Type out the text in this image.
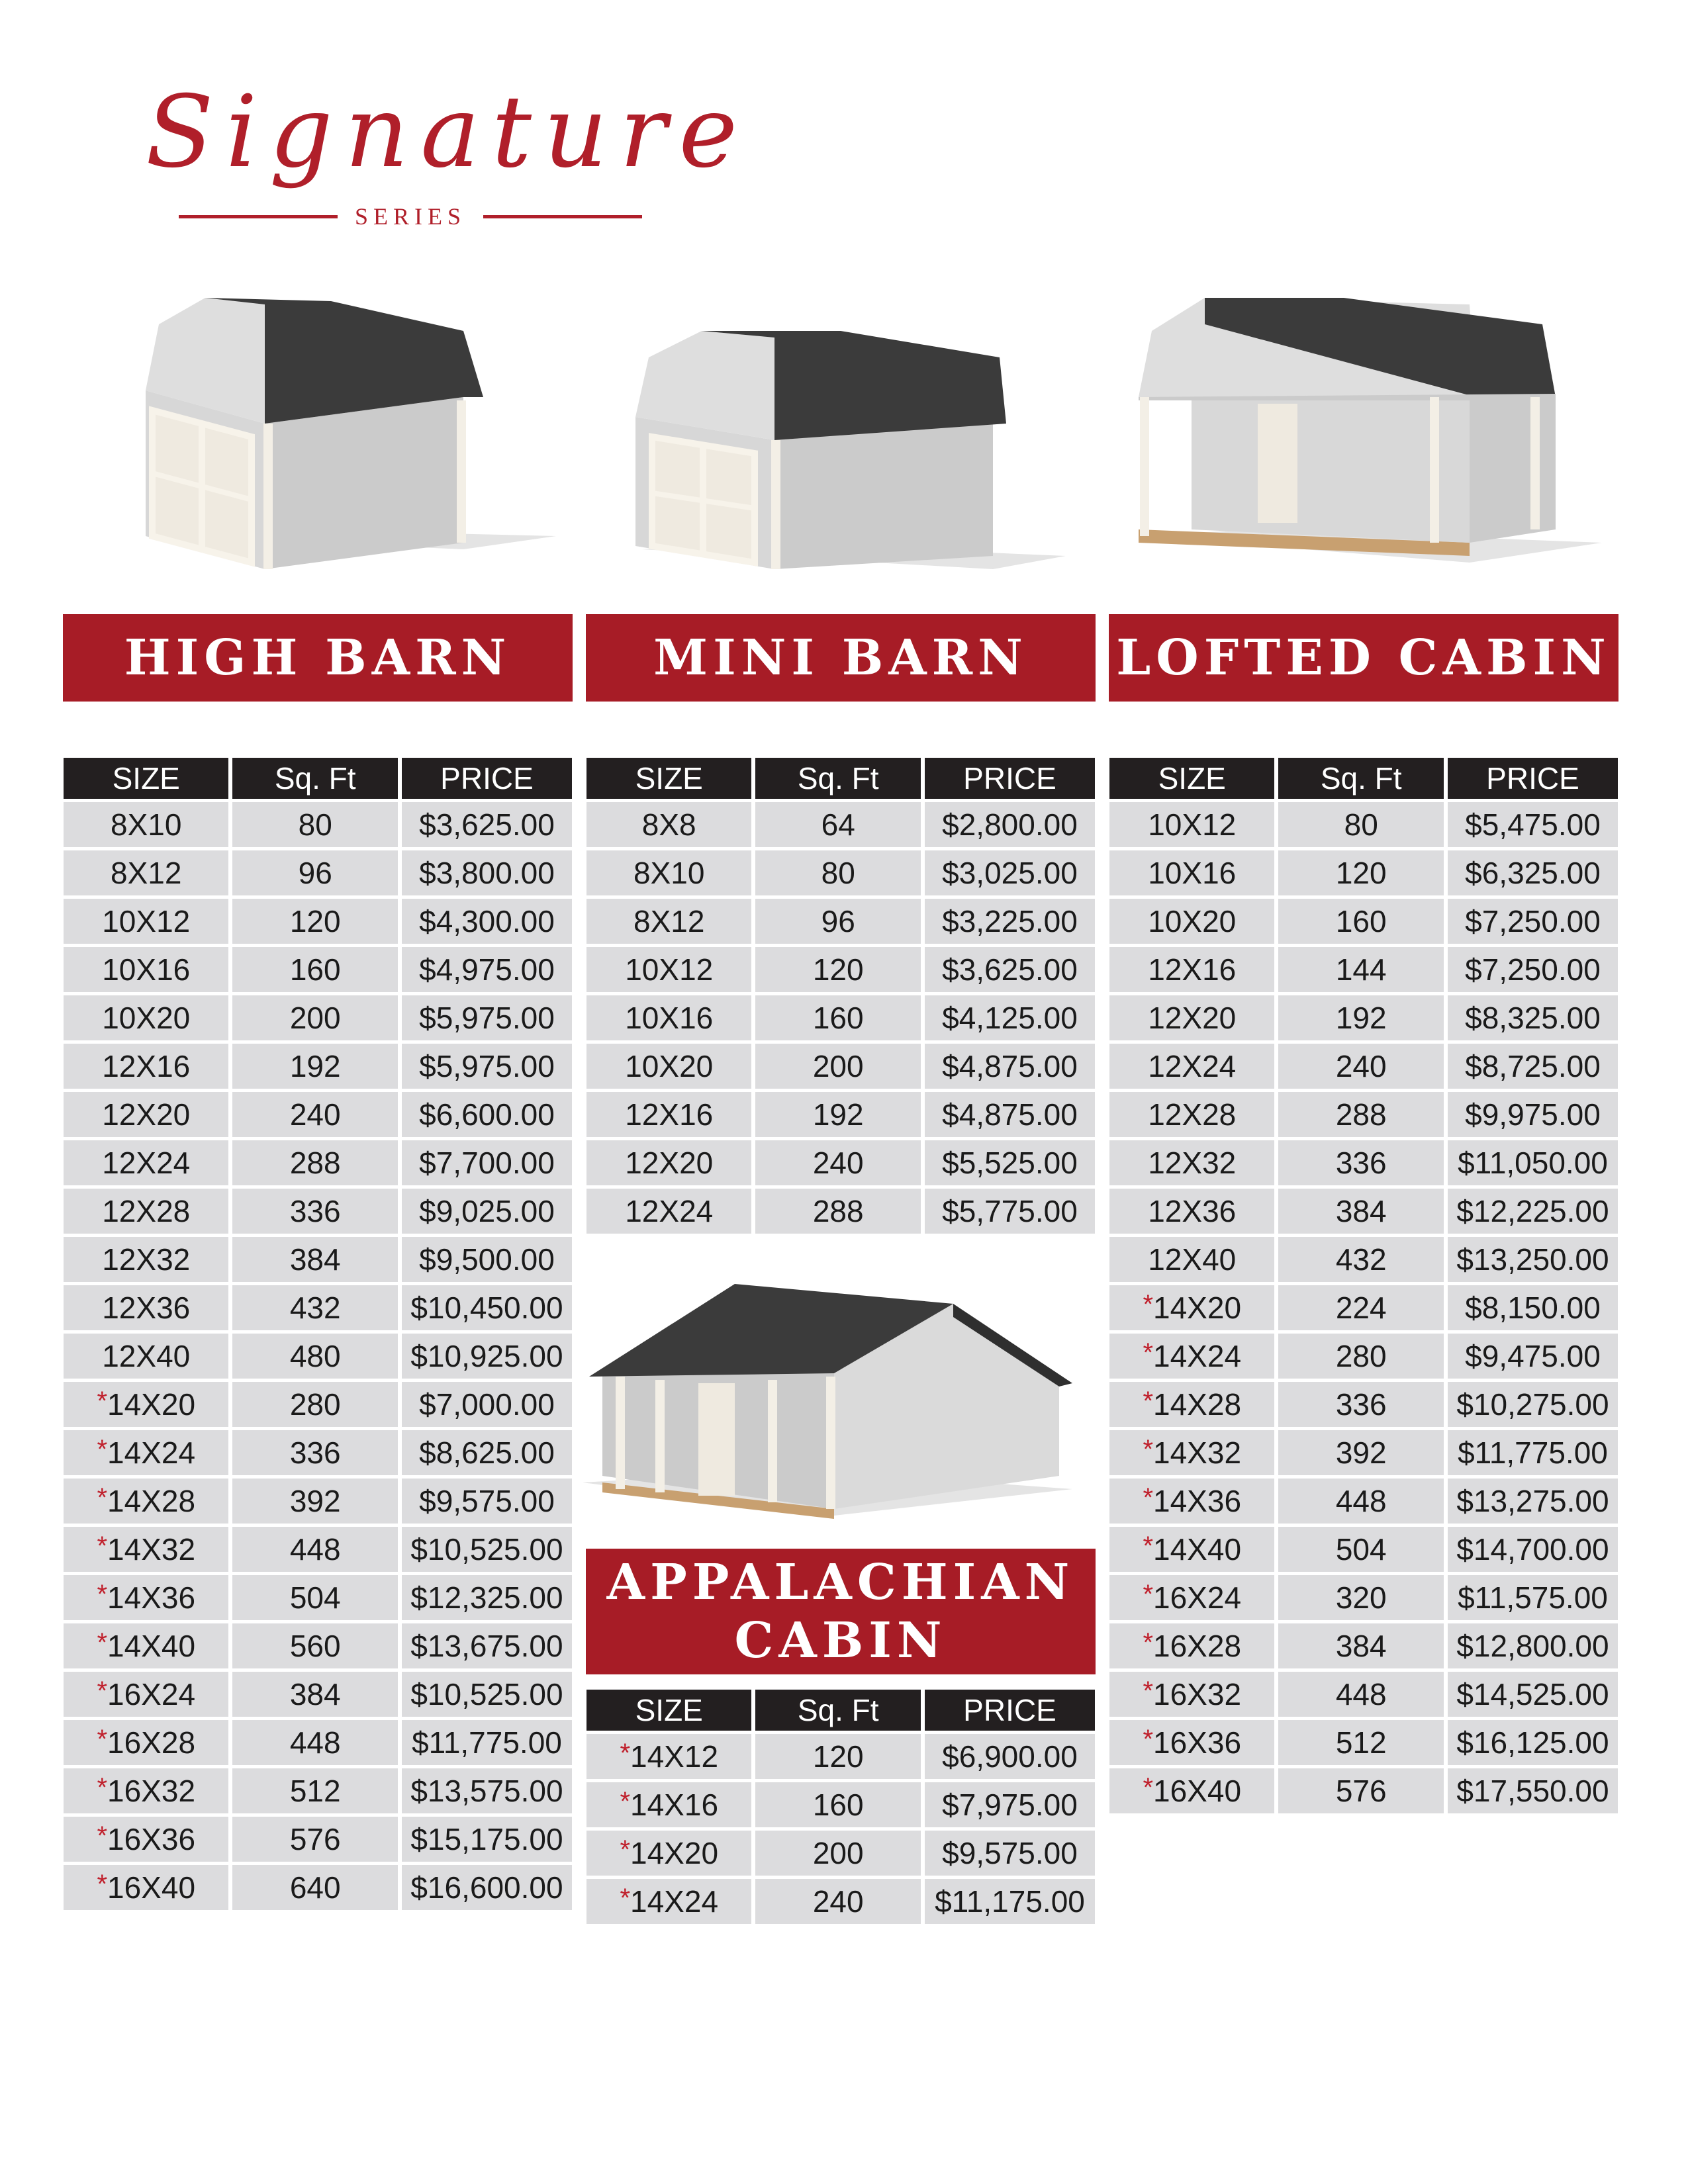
Signature
SERIES
HIGH BARN
SIZE	Sq. Ft	PRICE
8X10	80	$3,625.00
8X12	96	$3,800.00
10X12	120	$4,300.00
10X16	160	$4,975.00
10X20	200	$5,975.00
12X16	192	$5,975.00
12X20	240	$6,600.00
12X24	288	$7,700.00
12X28	336	$9,025.00
12X32	384	$9,500.00
12X36	432	$10,450.00
12X40	480	$10,925.00
*14X20	280	$7,000.00
*14X24	336	$8,625.00
*14X28	392	$9,575.00
*14X32	448	$10,525.00
*14X36	504	$12,325.00
*14X40	560	$13,675.00
*16X24	384	$10,525.00
*16X28	448	$11,775.00
*16X32	512	$13,575.00
*16X36	576	$15,175.00
*16X40	640	$16,600.00
MINI BARN
SIZE	Sq. Ft	PRICE
8X8	64	$2,800.00
8X10	80	$3,025.00
8X12	96	$3,225.00
10X12	120	$3,625.00
10X16	160	$4,125.00
10X20	200	$4,875.00
12X16	192	$4,875.00
12X20	240	$5,525.00
12X24	288	$5,775.00
LOFTED CABIN
SIZE	Sq. Ft	PRICE
10X12	80	$5,475.00
10X16	120	$6,325.00
10X20	160	$7,250.00
12X16	144	$7,250.00
12X20	192	$8,325.00
12X24	240	$8,725.00
12X28	288	$9,975.00
12X32	336	$11,050.00
12X36	384	$12,225.00
12X40	432	$13,250.00
*14X20	224	$8,150.00
*14X24	280	$9,475.00
*14X28	336	$10,275.00
*14X32	392	$11,775.00
*14X36	448	$13,275.00
*14X40	504	$14,700.00
*16X24	320	$11,575.00
*16X28	384	$12,800.00
*16X32	448	$14,525.00
*16X36	512	$16,125.00
*16X40	576	$17,550.00
APPALACHIAN
CABIN
SIZE	Sq. Ft	PRICE
*14X12	120	$6,900.00
*14X16	160	$7,975.00
*14X20	200	$9,575.00
*14X24	240	$11,175.00
